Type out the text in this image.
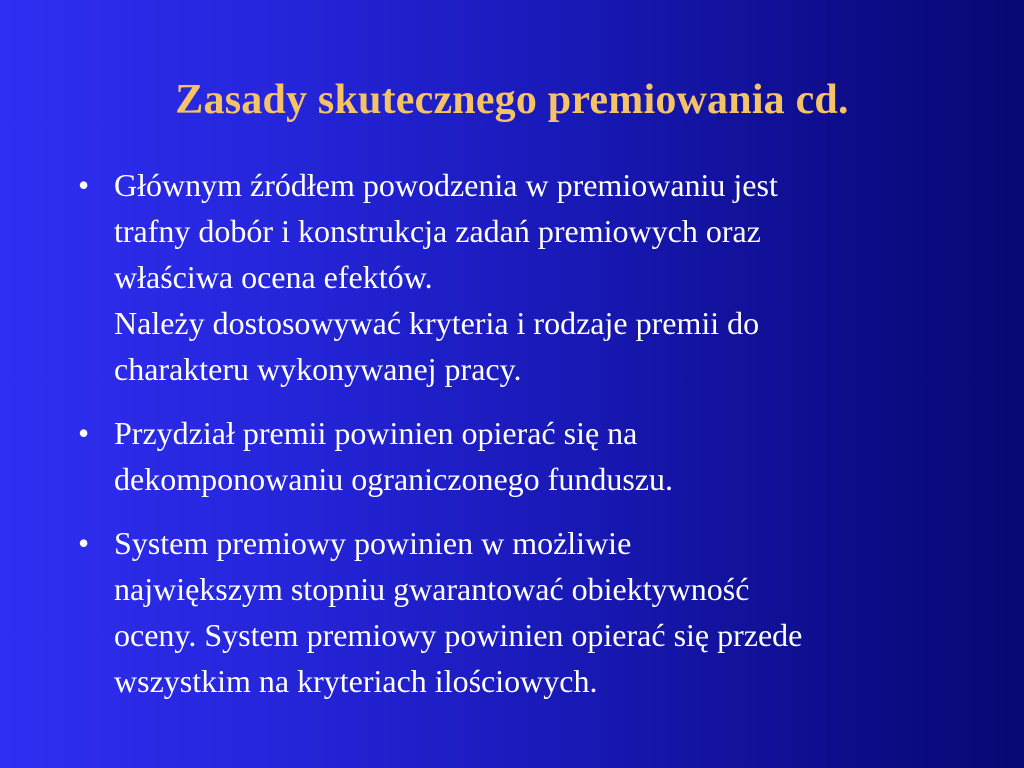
Zasady skutecznego premiowania cd.
• Głównym źródłem powodzenia w premiowaniu jest
trafny dobór i konstrukcja zadań premiowych oraz
właściwa ocena efektów.
Należy dostosowywać kryteria i rodzaje premii do
charakteru wykonywanej pracy.
• Przydział premii powinien opierać się na
dekomponowaniu ograniczonego funduszu.
• System premiowy powinien w możliwie
największym stopniu gwarantować obiektywność
oceny. System premiowy powinien opierać się przede
wszystkim na kryteriach ilościowych.
